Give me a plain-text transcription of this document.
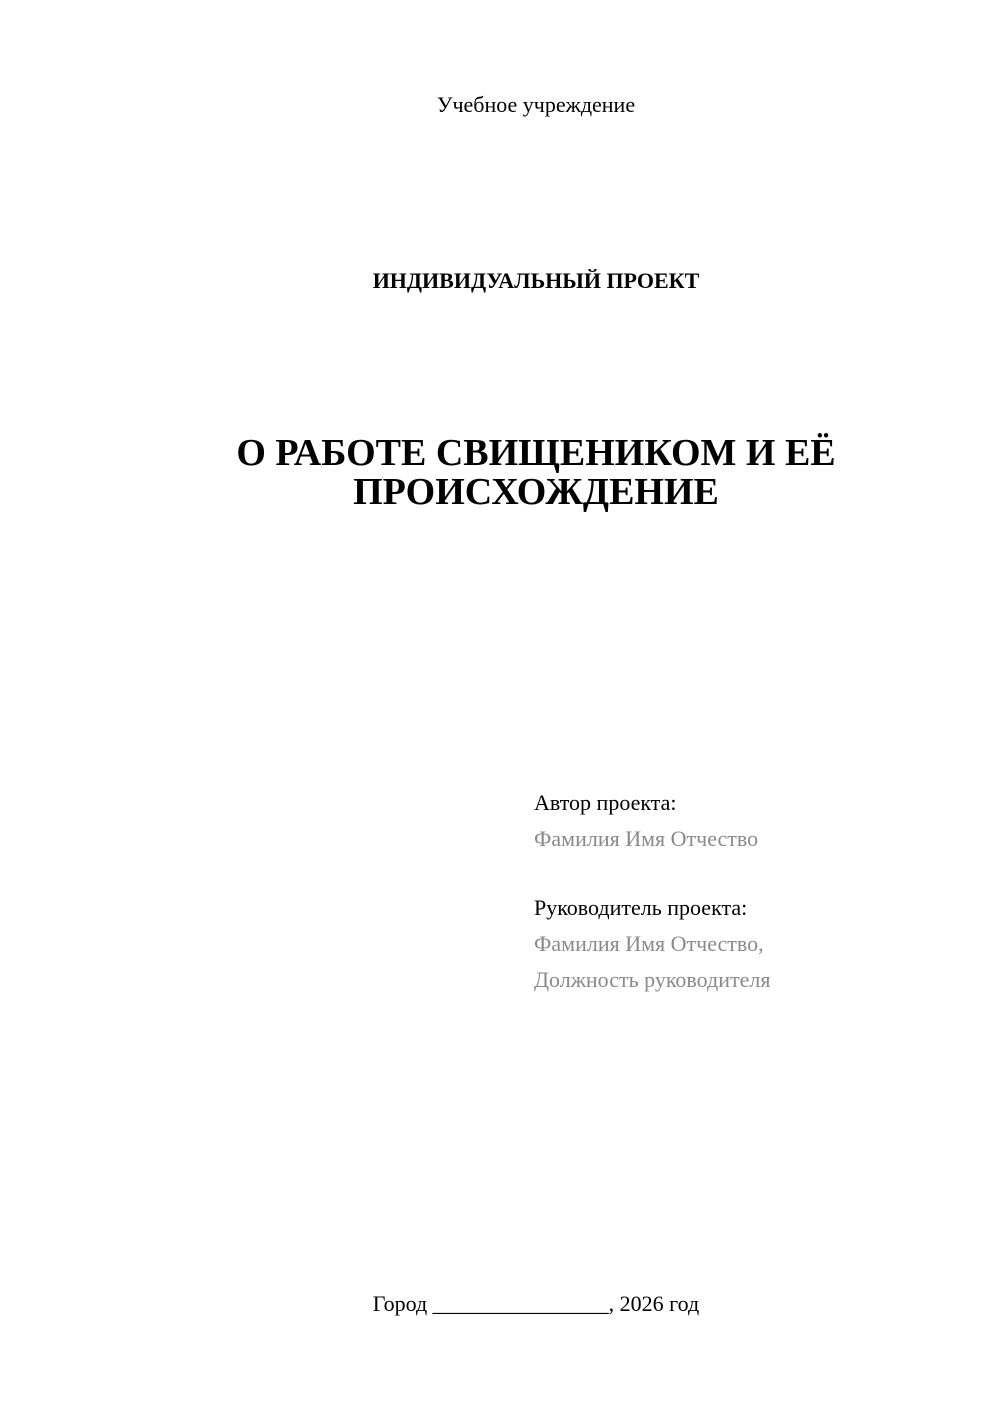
Учебное учреждение
ИНДИВИДУАЛЬНЫЙ ПРОЕКТ
О РАБОТЕ СВИЩЕНИКОМ И ЕЁ
ПРОИСХОЖДЕНИЕ
Автор проекта:
Фамилия Имя Отчество
Руководитель проекта:
Фамилия Имя Отчество,
Должность руководителя
Город ________________, 2026 год
